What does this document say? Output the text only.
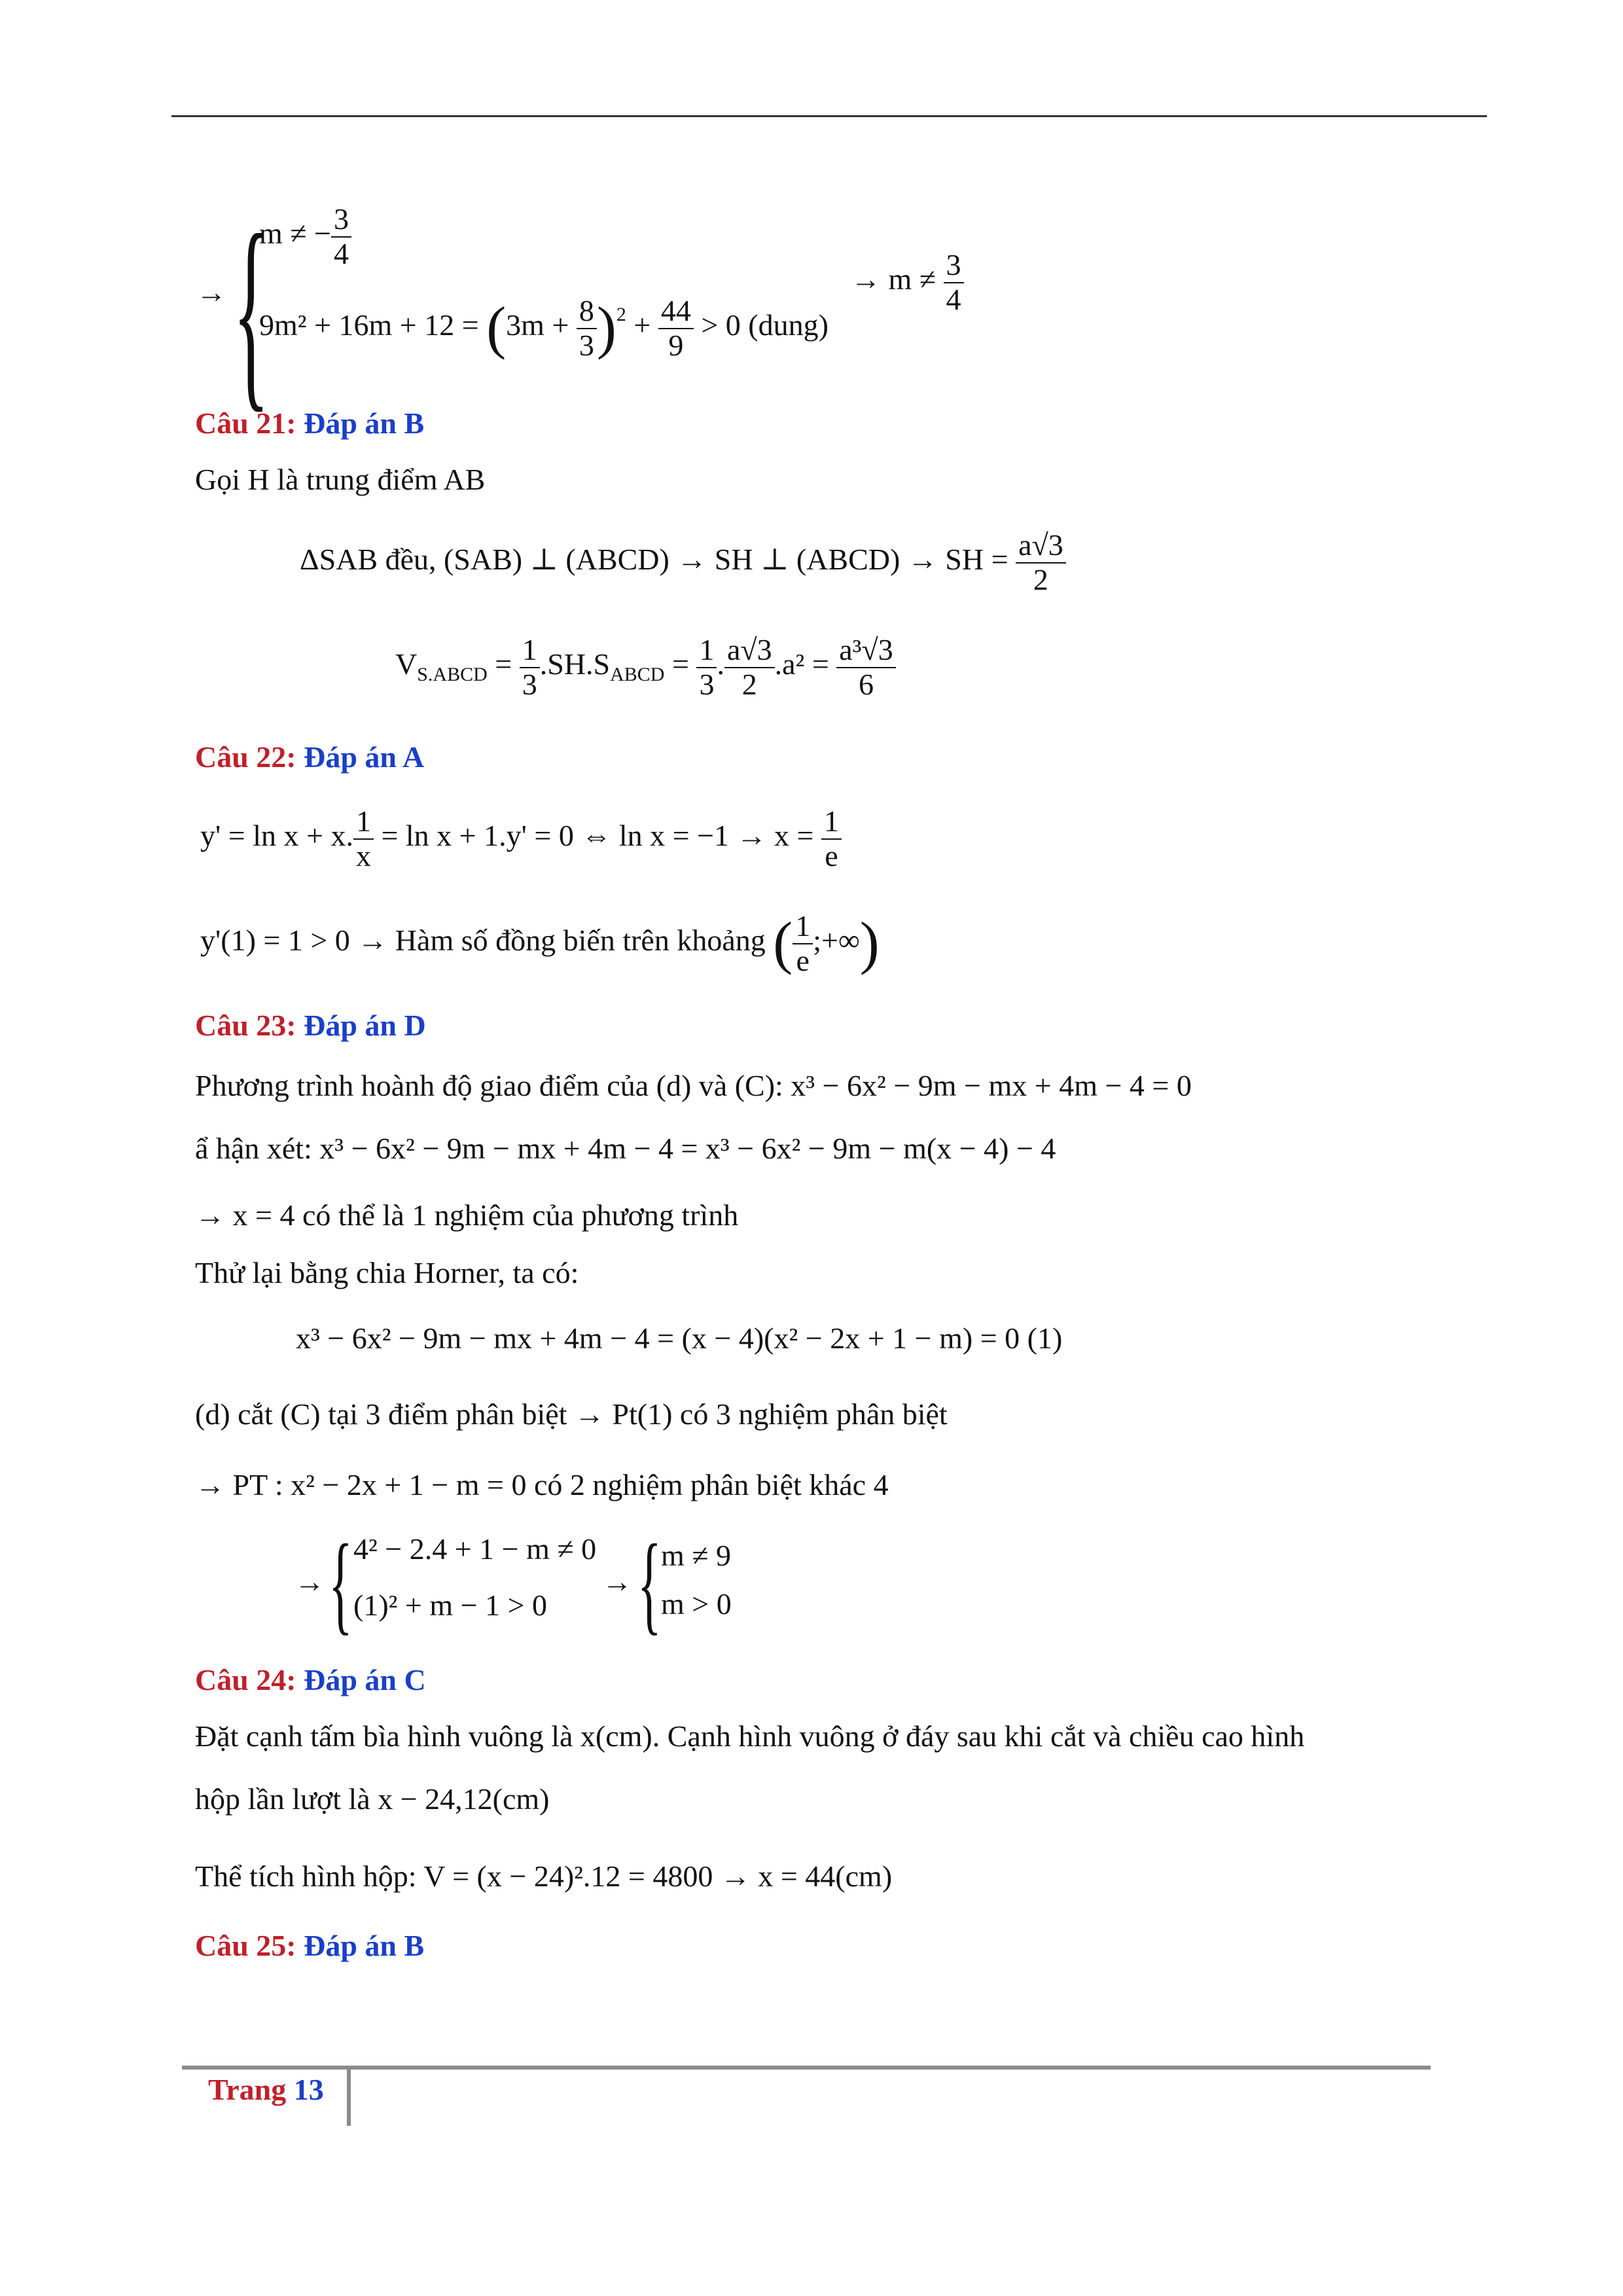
→ {
m ≠ − $\frac{3}{4}$
$9m^2 + 16m + 12 = (3m + \frac{8}{3} )^2 + \frac{44}{9} > 0$ (dung)
→ $m \ne \frac{3}{4}$
Câu 21: Đáp án B
Gọi H là trung điểm AB
ΔSAB đều, (SAB) ⊥ (ABCD) → SH ⊥ (ABCD) → SH = $\frac{a√3}{2}$
$V_{S.ABCD} = \frac{1}{3} .SH.S_{ABCD} = \frac{1}{3}$ . $\frac{a√3}{2} .a^2 = \frac{\text{a³√3}}{6}$
Câu 22: Đáp án A
y' = ln x + x. $\frac{1}{x} = \ln x + 1.y' = 0$ ⇔ $\ln x = -1 \to x = \frac{1}{e}$
y'(1) = 1 > 0 → Hàm số đồng biến trên khoảng ( $\frac{1}{e}$ ;+∞)
Câu 23: Đáp án D
Phương trình hoành độ giao điểm của (d) và (C): x³ − 6x² − 9m − mx + 4m − 4 = 0
ẩ hận xét: x³ − 6x² − 9m − mx + 4m − 4 = x³ − 6x² − 9m − m(x − 4) − 4
→ x = 4 có thể là 1 nghiệm của phương trình
Thử lại bằng chia Horner, ta có:
x³ − 6x² − 9m − mx + 4m − 4 = (x − 4)(x² − 2x + 1 − m) = 0 (1)
(d) cắt (C) tại 3 điểm phân biệt → Pt(1) có 3 nghiệm phân biệt
→ PT : x² − 2x + 1 − m = 0 có 2 nghiệm phân biệt khác 4
→ { 4² − 2.4 + 1 − m ≠ 0
(1)² + m − 1 > 0
→ { m ≠ 9
m > 0
Câu 24: Đáp án C
Đặt cạnh tấm bìa hình vuông là x(cm). Cạnh hình vuông ở đáy sau khi cắt và chiều cao hình
hộp lần lượt là x − 24,12(cm)
Thể tích hình hộp: V = (x − 24)².12 = 4800 → x = 44(cm)
Câu 25: Đáp án B
Trang 13
